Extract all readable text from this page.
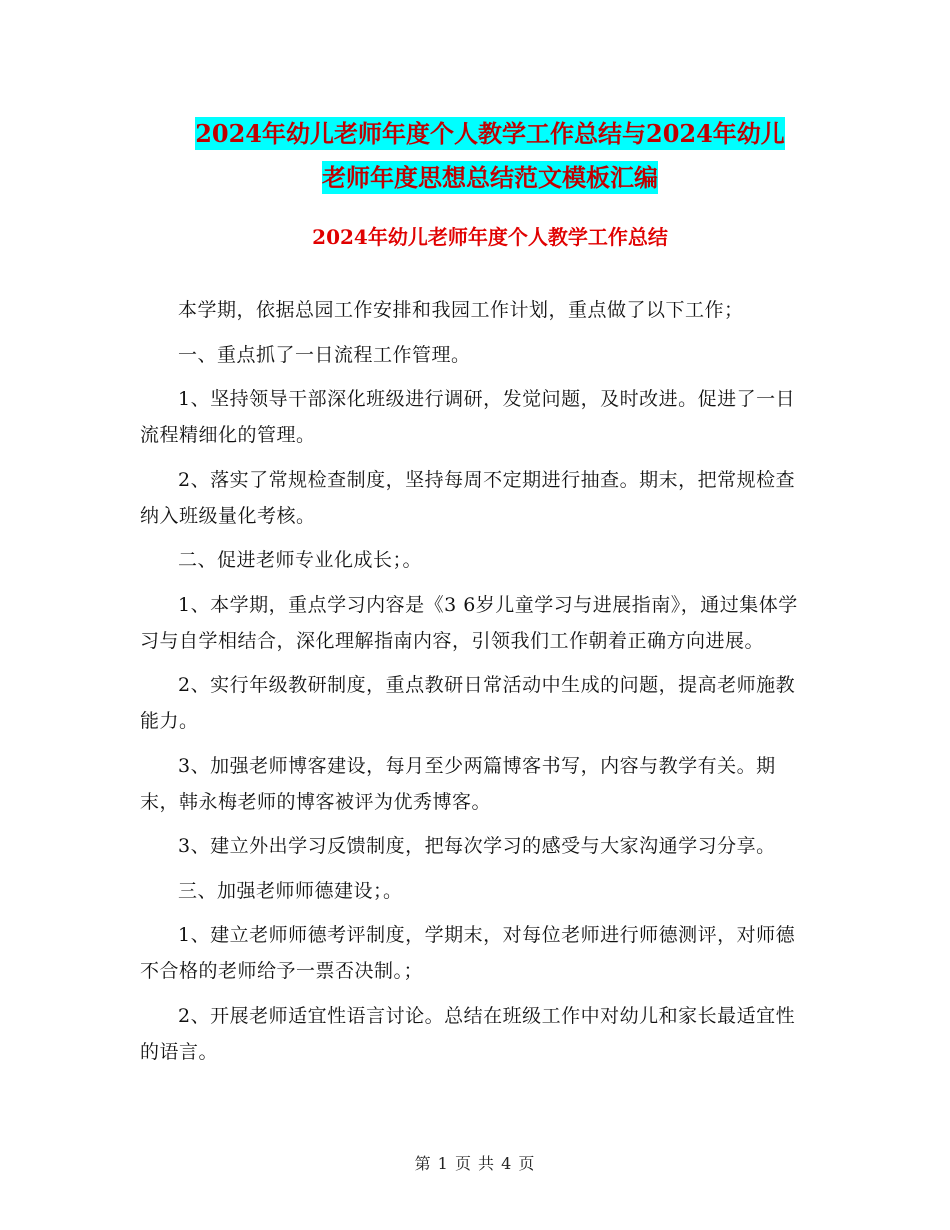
2024年幼儿老师年度个人教学工作总结与2024年幼儿
老师年度思想总结范文模板汇编
2024年幼儿老师年度个人教学工作总结

本学期，依据总园工作安排和我园工作计划，重点做了以下工作；

一、重点抓了一日流程工作管理。

1、坚持领导干部深化班级进行调研，发觉问题，及时改进。促进了一日流程精细化的管理。

2、落实了常规检查制度，坚持每周不定期进行抽查。期末，把常规检查纳入班级量化考核。

二、促进老师专业化成长；。

1、本学期，重点学习内容是《3 6岁儿童学习与进展指南》，通过集体学习与自学相结合，深化理解指南内容，引领我们工作朝着正确方向进展。

2、实行年级教研制度，重点教研日常活动中生成的问题，提高老师施教能力。

3、加强老师博客建设，每月至少两篇博客书写，内容与教学有关。期末，韩永梅老师的博客被评为优秀博客。

3、建立外出学习反馈制度，把每次学习的感受与大家沟通学习分享。

三、加强老师师德建设；。

1、建立老师师德考评制度，学期末，对每位老师进行师德测评，对师德不合格的老师给予一票否决制。；

2、开展老师适宜性语言讨论。总结在班级工作中对幼儿和家长最适宜性的语言。

第 1 页 共 4 页
